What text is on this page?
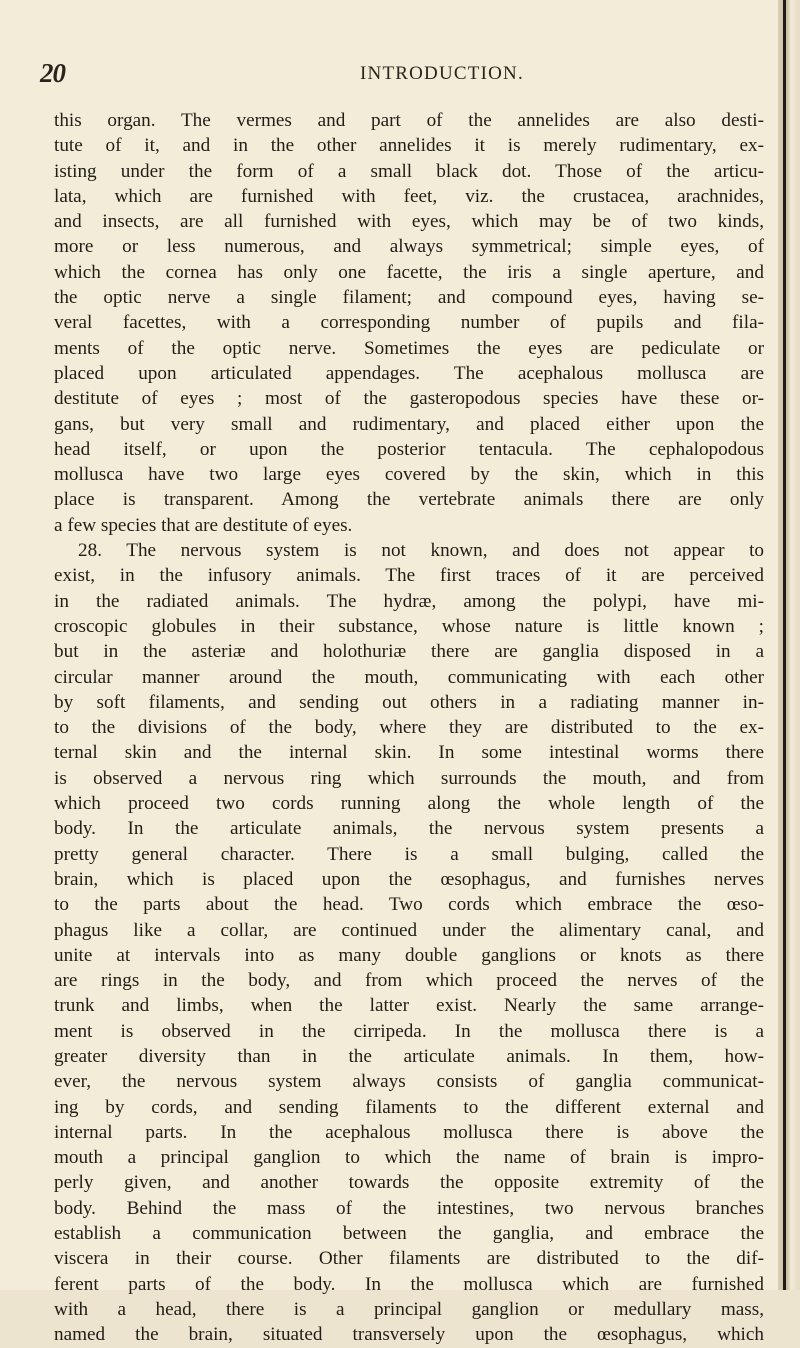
20	INTRODUCTION.
this organ. The vermes and part of the annelides are also desti-
tute of it, and in the other annelides it is merely rudimentary, ex-
isting under the form of a small black dot. Those of the articu-
lata, which are furnished with feet, viz. the crustacea, arachnides,
and insects, are all furnished with eyes, which may be of two kinds,
more or less numerous, and always symmetrical; simple eyes, of
which the cornea has only one facette, the iris a single aperture, and
the optic nerve a single filament; and compound eyes, having se-
veral facettes, with a corresponding number of pupils and fila-
ments of the optic nerve. Sometimes the eyes are pediculate or
placed upon articulated appendages. The acephalous mollusca are
destitute of eyes ; most of the gasteropodous species have these or-
gans, but very small and rudimentary, and placed either upon the
head itself, or upon the posterior tentacula. The cephalopodous
mollusca have two large eyes covered by the skin, which in this
place is transparent. Among the vertebrate animals there are only
a few species that are destitute of eyes.
28. The nervous system is not known, and does not appear to
exist, in the infusory animals. The first traces of it are perceived
in the radiated animals. The hydræ, among the polypi, have mi-
croscopic globules in their substance, whose nature is little known ;
but in the asteriæ and holothuriæ there are ganglia disposed in a
circular manner around the mouth, communicating with each other
by soft filaments, and sending out others in a radiating manner in-
to the divisions of the body, where they are distributed to the ex-
ternal skin and the internal skin. In some intestinal worms there
is observed a nervous ring which surrounds the mouth, and from
which proceed two cords running along the whole length of the
body. In the articulate animals, the nervous system presents a
pretty general character. There is a small bulging, called the
brain, which is placed upon the œsophagus, and furnishes nerves
to the parts about the head. Two cords which embrace the œso-
phagus like a collar, are continued under the alimentary canal, and
unite at intervals into as many double ganglions or knots as there
are rings in the body, and from which proceed the nerves of the
trunk and limbs, when the latter exist. Nearly the same arrange-
ment is observed in the cirripeda. In the mollusca there is a
greater diversity than in the articulate animals. In them, how-
ever, the nervous system always consists of ganglia communicat-
ing by cords, and sending filaments to the different external and
internal parts. In the acephalous mollusca there is above the
mouth a principal ganglion to which the name of brain is impro-
perly given, and another towards the opposite extremity of the
body. Behind the mass of the intestines, two nervous branches
establish a communication between the ganglia, and embrace the
viscera in their course. Other filaments are distributed to the dif-
ferent parts of the body. In the mollusca which are furnished
with a head, there is a principal ganglion or medullary mass,
named the brain, situated transversely upon the œsophagus, which
